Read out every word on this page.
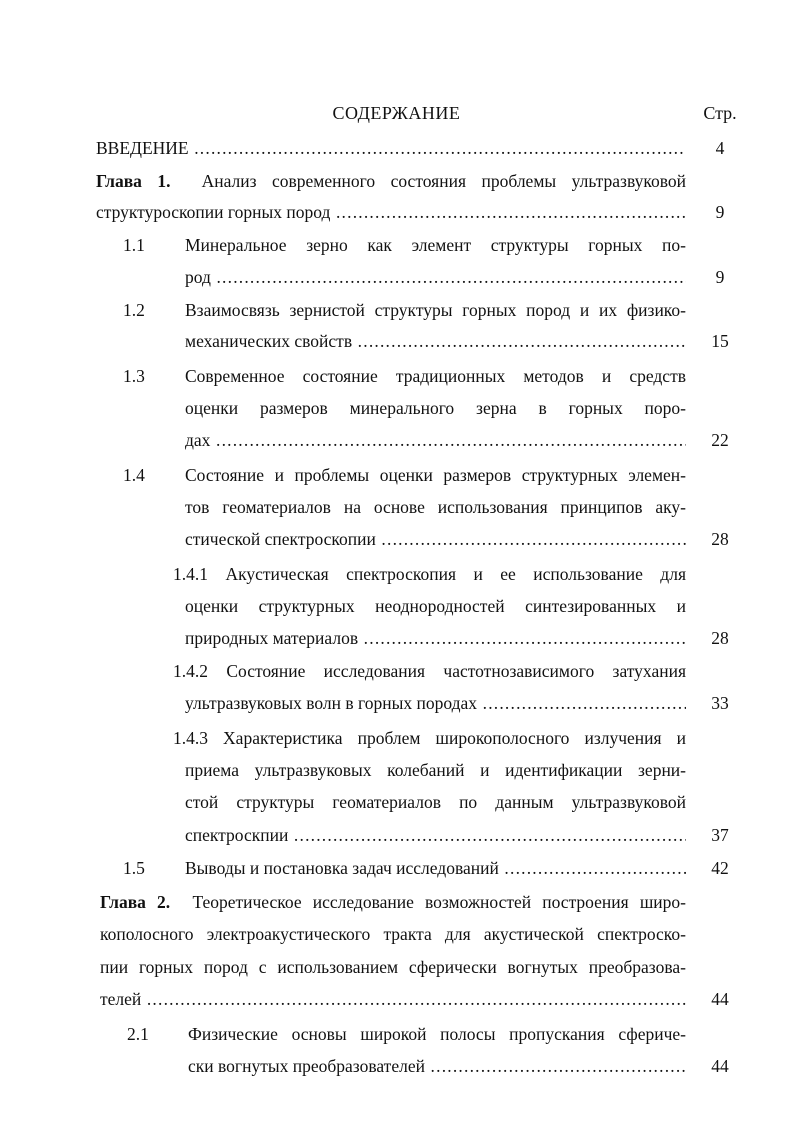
СОДЕРЖАНИЕ	Стр.
ВВЕДЕНИЕ .....	4
Глава 1. Анализ современного состояния проблемы ультразвуковой
структуроскопии горных пород .....	9
1.1 Минеральное зерно как элемент структуры горных по-
род .....	9
1.2 Взаимосвязь зернистой структуры горных пород и их физико-
механических свойств .....	15
1.3 Современное состояние традиционных методов и средств
оценки размеров минерального зерна в горных поро-
дах .....	22
1.4 Состояние и проблемы оценки размеров структурных элемен-
тов геоматериалов на основе использования принципов аку-
стической спектроскопии .....	28
1.4.1 Акустическая спектроскопия и ее использование для
оценки структурных неоднородностей синтезированных и
природных материалов .....	28
1.4.2 Состояние исследования частотнозависимого затухания
ультразвуковых волн в горных породах .....	33
1.4.3 Характеристика проблем широкополосного излучения и
приема ультразвуковых колебаний и идентификации зерни-
стой структуры геоматериалов по данным ультразвуковой
спектроскпии .....	37
1.5 Выводы и постановка задач исследований .....	42
Глава 2. Теоретическое исследование возможностей построения широ-
кополосного электроакустического тракта для акустической спектроско-
пии горных пород с использованием сферически вогнутых преобразова-
телей .....	44
2.1 Физические основы широкой полосы пропускания сфериче-
ски вогнутых преобразователей .....	44
